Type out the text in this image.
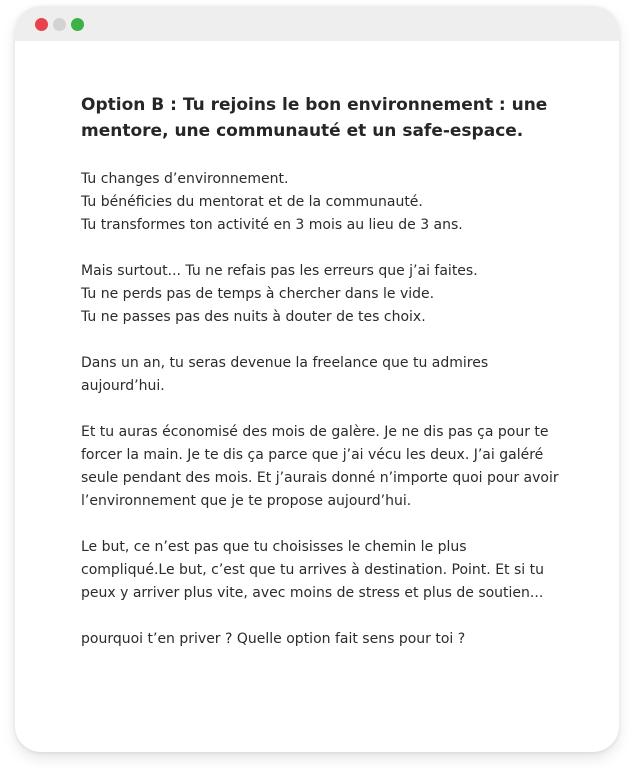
Option B : Tu rejoins le bon environnement : une mentore, une communauté et un safe-espace.

Tu changes d’environnement.
Tu bénéficies du mentorat et de la communauté.
Tu transformes ton activité en 3 mois au lieu de 3 ans.

Mais surtout... Tu ne refais pas les erreurs que j’ai faites.
Tu ne perds pas de temps à chercher dans le vide.
Tu ne passes pas des nuits à douter de tes choix.

Dans un an, tu seras devenue la freelance que tu admires aujourd’hui.

Et tu auras économisé des mois de galère. Je ne dis pas ça pour te forcer la main. Je te dis ça parce que j’ai vécu les deux. J’ai galéré seule pendant des mois. Et j’aurais donné n’importe quoi pour avoir l’environnement que je te propose aujourd’hui.

Le but, ce n’est pas que tu choisisses le chemin le plus compliqué.Le but, c’est que tu arrives à destination. Point. Et si tu peux y arriver plus vite, avec moins de stress et plus de soutien...

pourquoi t’en priver ? Quelle option fait sens pour toi ?
